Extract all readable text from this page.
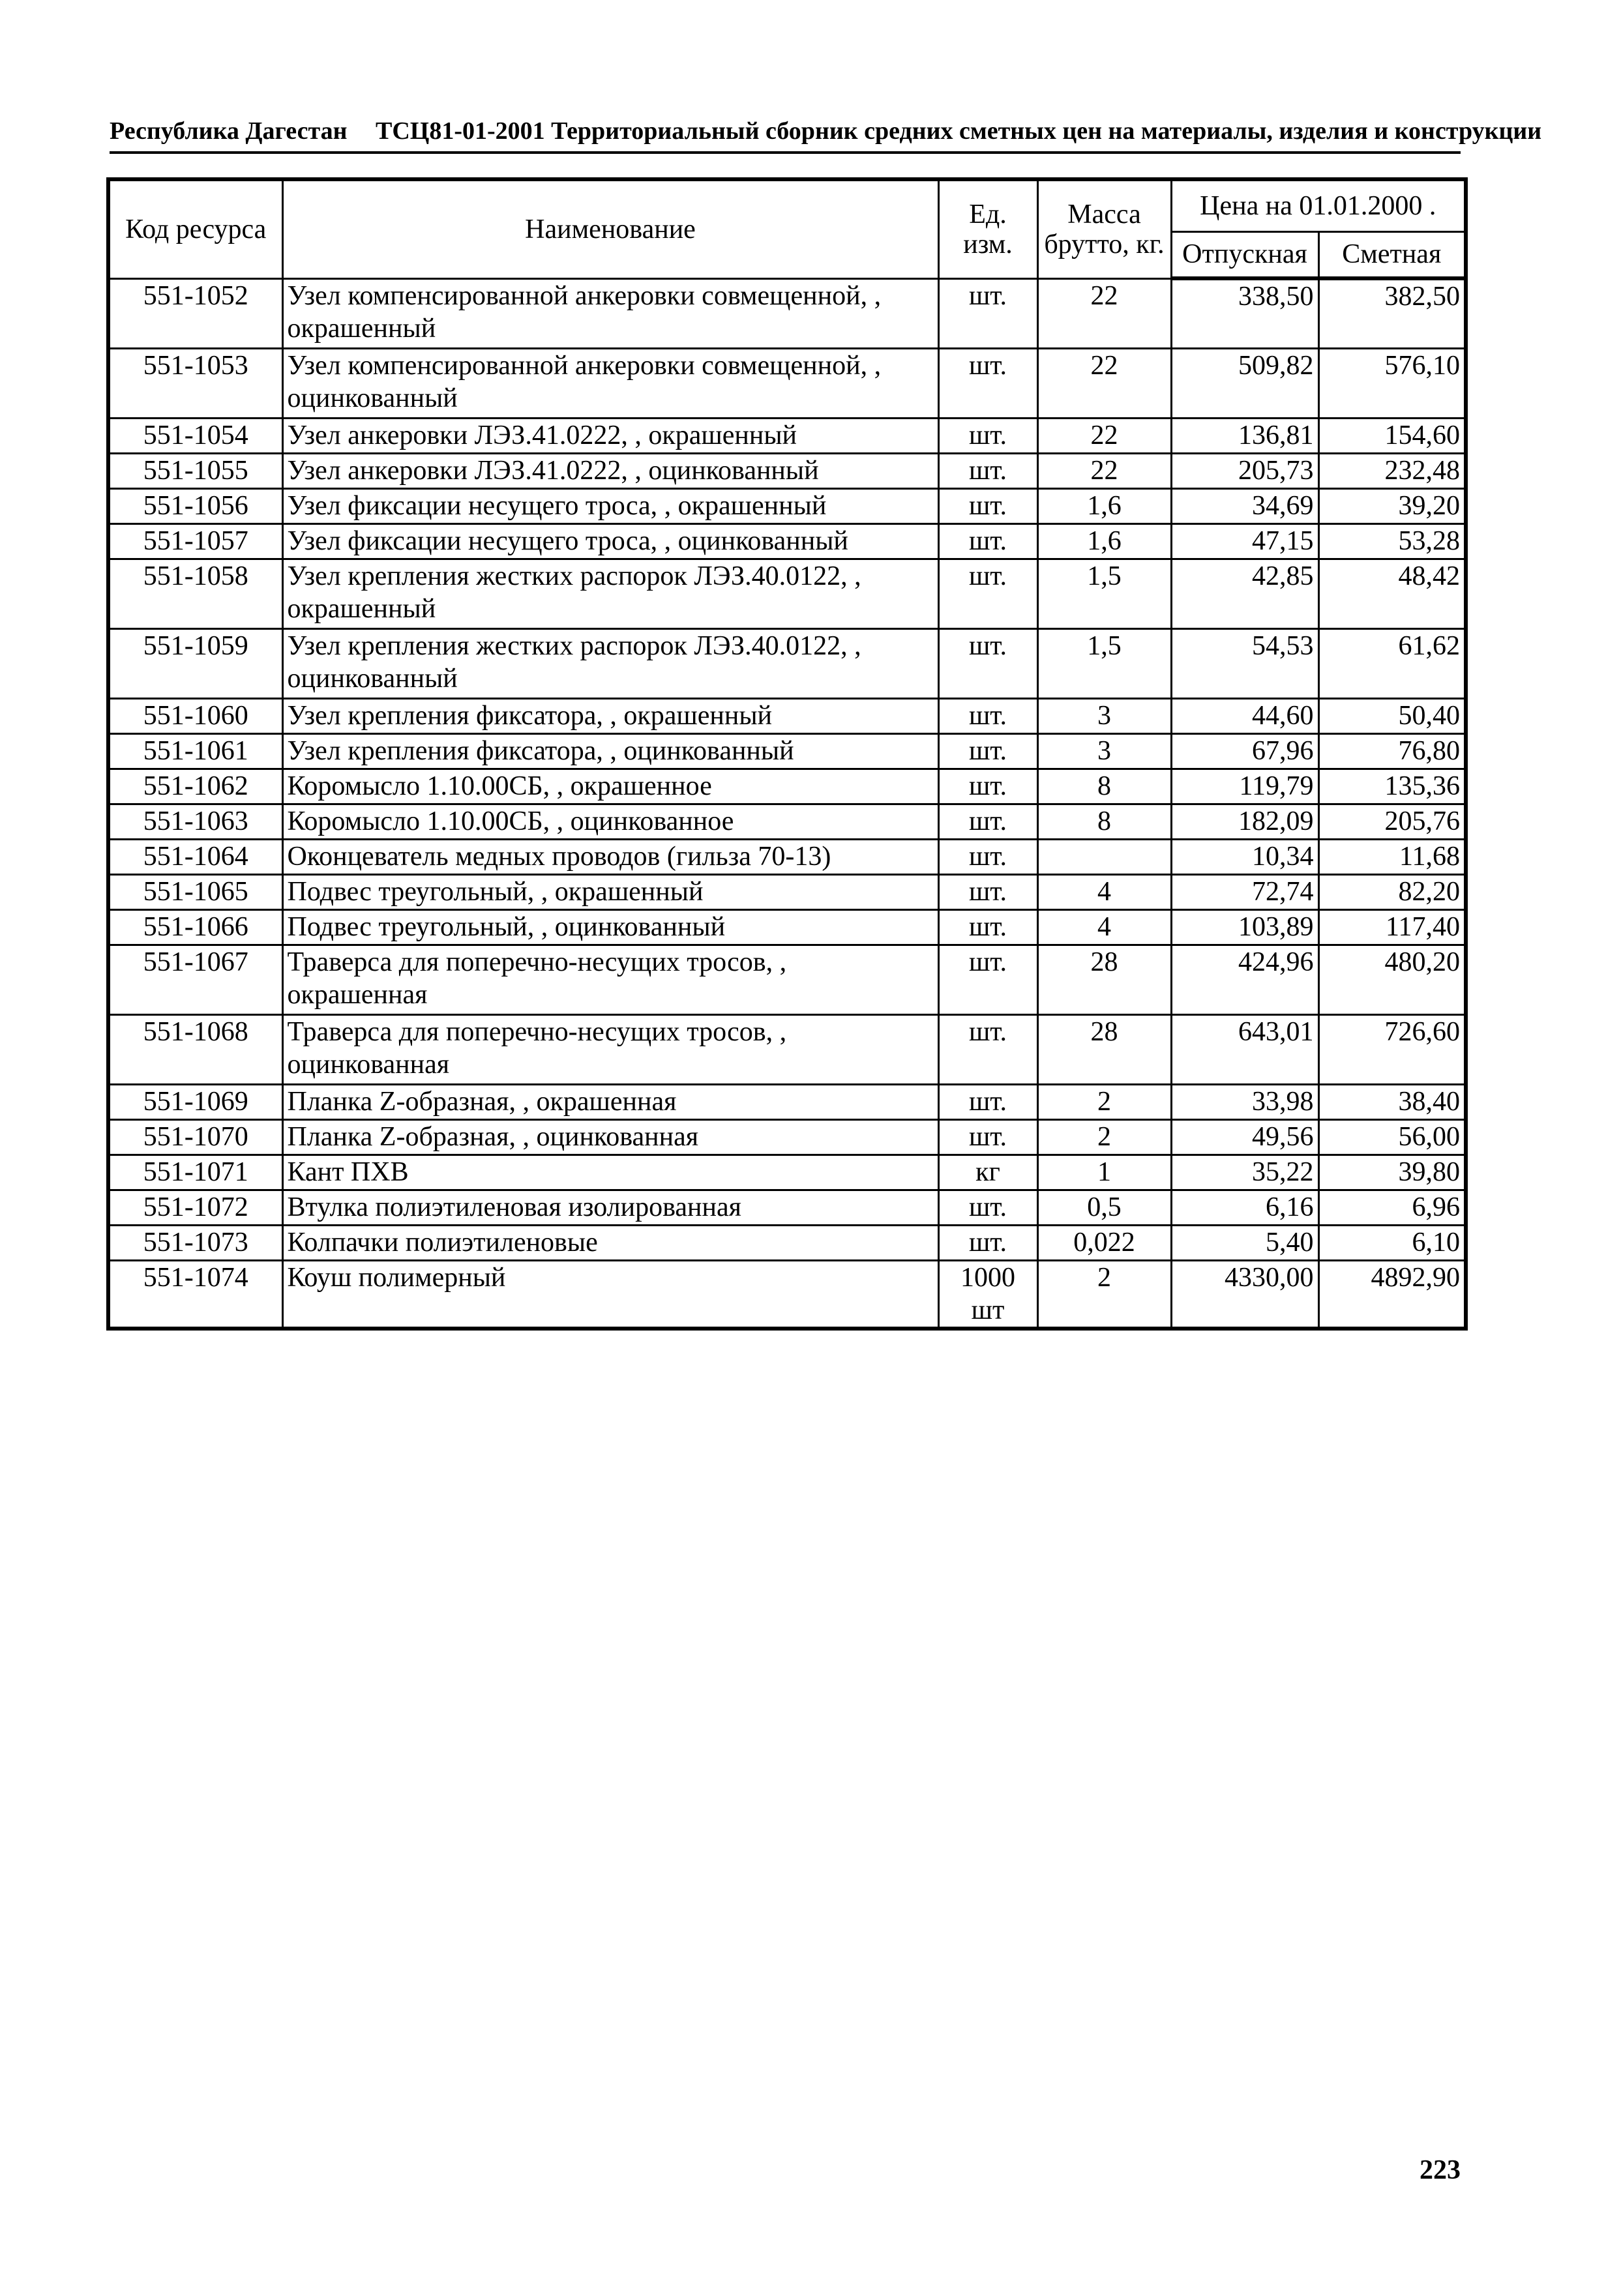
Республика Дагестан ТСЦ81-01-2001 Территориальный сборник средних сметных цен на материалы, изделия и конструкции
Код ресурса	Наименование	Ед. изм.	Масса брутто, кг.	Цена на 01.01.2000 .	
				Отпускная	Сметная
551-1052	Узел компенсированной анкеровки совмещенной, , окрашенный	шт.	22	338,50	382,50
551-1053	Узел компенсированной анкеровки совмещенной, , оцинкованный	шт.	22	509,82	576,10
551-1054	Узел анкеровки ЛЭЗ.41.0222, , окрашенный	шт.	22	136,81	154,60
551-1055	Узел анкеровки ЛЭЗ.41.0222, , оцинкованный	шт.	22	205,73	232,48
551-1056	Узел фиксации несущего троса, , окрашенный	шт.	1,6	34,69	39,20
551-1057	Узел фиксации несущего троса, , оцинкованный	шт.	1,6	47,15	53,28
551-1058	Узел крепления жестких распорок ЛЭЗ.40.0122, , окрашенный	шт.	1,5	42,85	48,42
551-1059	Узел крепления жестких распорок ЛЭЗ.40.0122, , оцинкованный	шт.	1,5	54,53	61,62
551-1060	Узел крепления фиксатора, , окрашенный	шт.	3	44,60	50,40
551-1061	Узел крепления фиксатора, , оцинкованный	шт.	3	67,96	76,80
551-1062	Коромысло 1.10.00СБ, , окрашенное	шт.	8	119,79	135,36
551-1063	Коромысло 1.10.00СБ, , оцинкованное	шт.	8	182,09	205,76
551-1064	Оконцеватель медных проводов (гильза 70-13)	шт.		10,34	11,68
551-1065	Подвес треугольный, , окрашенный	шт.	4	72,74	82,20
551-1066	Подвес треугольный, , оцинкованный	шт.	4	103,89	117,40
551-1067	Траверса для поперечно-несущих тросов, , окрашенная	шт.	28	424,96	480,20
551-1068	Траверса для поперечно-несущих тросов, , оцинкованная	шт.	28	643,01	726,60
551-1069	Планка Z-образная, , окрашенная	шт.	2	33,98	38,40
551-1070	Планка Z-образная, , оцинкованная	шт.	2	49,56	56,00
551-1071	Кант ПХВ	кг	1	35,22	39,80
551-1072	Втулка полиэтиленовая изолированная	шт.	0,5	6,16	6,96
551-1073	Колпачки полиэтиленовые	шт.	0,022	5,40	6,10
551-1074	Коуш полимерный	1000 шт	2	4330,00	4892,90
223
